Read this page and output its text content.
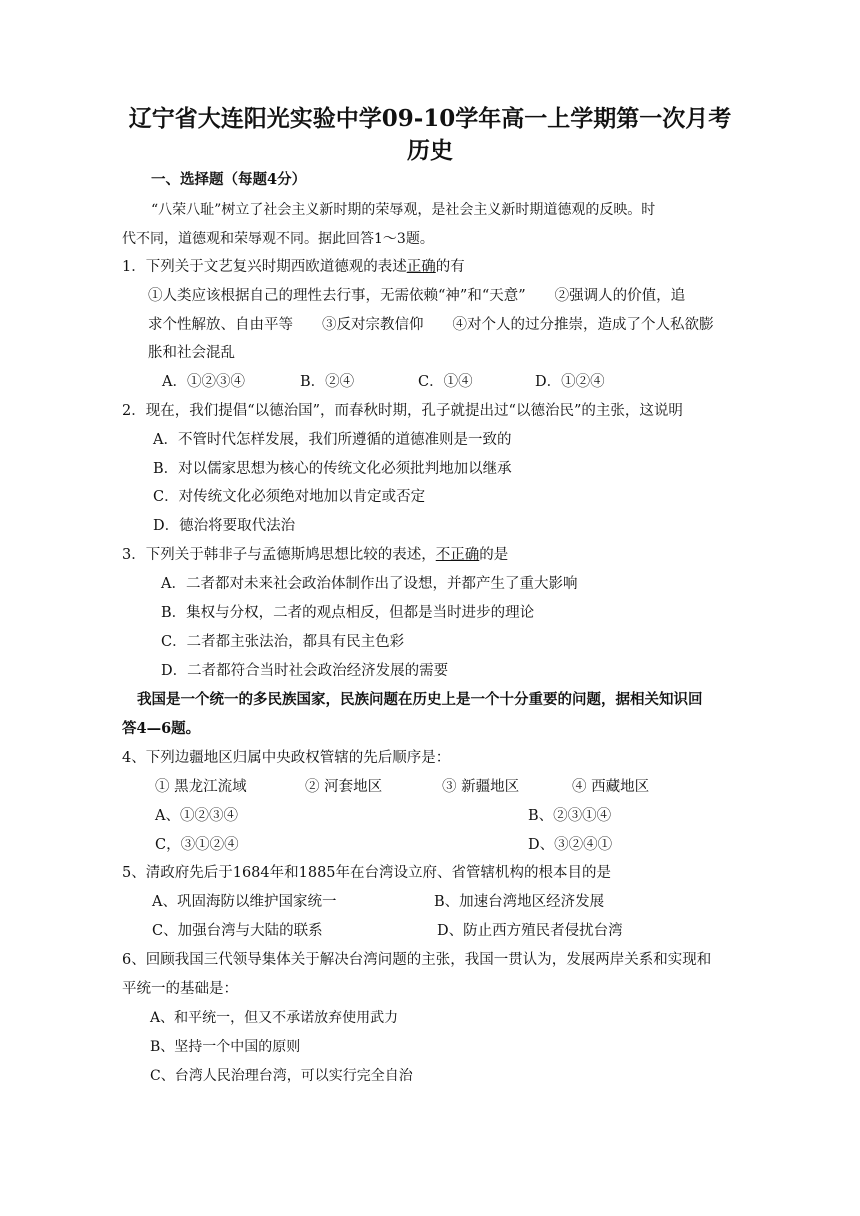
辽宁省大连阳光实验中学09-10学年高一上学期第一次月考
历史
一、选择题（每题4分）
“八荣八耻”树立了社会主义新时期的荣辱观，是社会主义新时期道德观的反映。时
代不同，道德观和荣辱观不同。据此回答1～3题。
1．下列关于文艺复兴时期西欧道德观的表述正确的有
①人类应该根据自己的理性去行事，无需依赖“神”和“天意”　　②强调人的价值，追
求个性解放、自由平等　　③反对宗教信仰　　④对个人的过分推崇，造成了个人私欲膨
胀和社会混乱
A．①②③④	B．②④	C．①④	D．①②④
2．现在，我们提倡“以德治国”，而春秋时期，孔子就提出过“以德治民”的主张，这说明
A．不管时代怎样发展，我们所遵循的道德准则是一致的
B．对以儒家思想为核心的传统文化必须批判地加以继承
C．对传统文化必须绝对地加以肯定或否定
D．德治将要取代法治
3．下列关于韩非子与孟德斯鸠思想比较的表述，不正确的是
A．二者都对未来社会政治体制作出了设想，并都产生了重大影响
B．集权与分权，二者的观点相反，但都是当时进步的理论
C．二者都主张法治，都具有民主色彩
D．二者都符合当时社会政治经济发展的需要
我国是一个统一的多民族国家，民族问题在历史上是一个十分重要的问题，据相关知识回
答4—6题。
4、下列边疆地区归属中央政权管辖的先后顺序是：
① 黑龙江流域	② 河套地区	③ 新疆地区	④ 西藏地区
A、①②③④	B、②③①④
C，③①②④	D、③②④①
5、清政府先后于1684年和1885年在台湾设立府、省管辖机构的根本目的是
A、巩固海防以维护国家统一	B、加速台湾地区经济发展
C、加强台湾与大陆的联系	D、防止西方殖民者侵扰台湾
6、回顾我国三代领导集体关于解决台湾问题的主张，我国一贯认为，发展两岸关系和实现和
平统一的基础是：
A、和平统一，但又不承诺放弃使用武力
B、坚持一个中国的原则
C、台湾人民治理台湾，可以实行完全自治
